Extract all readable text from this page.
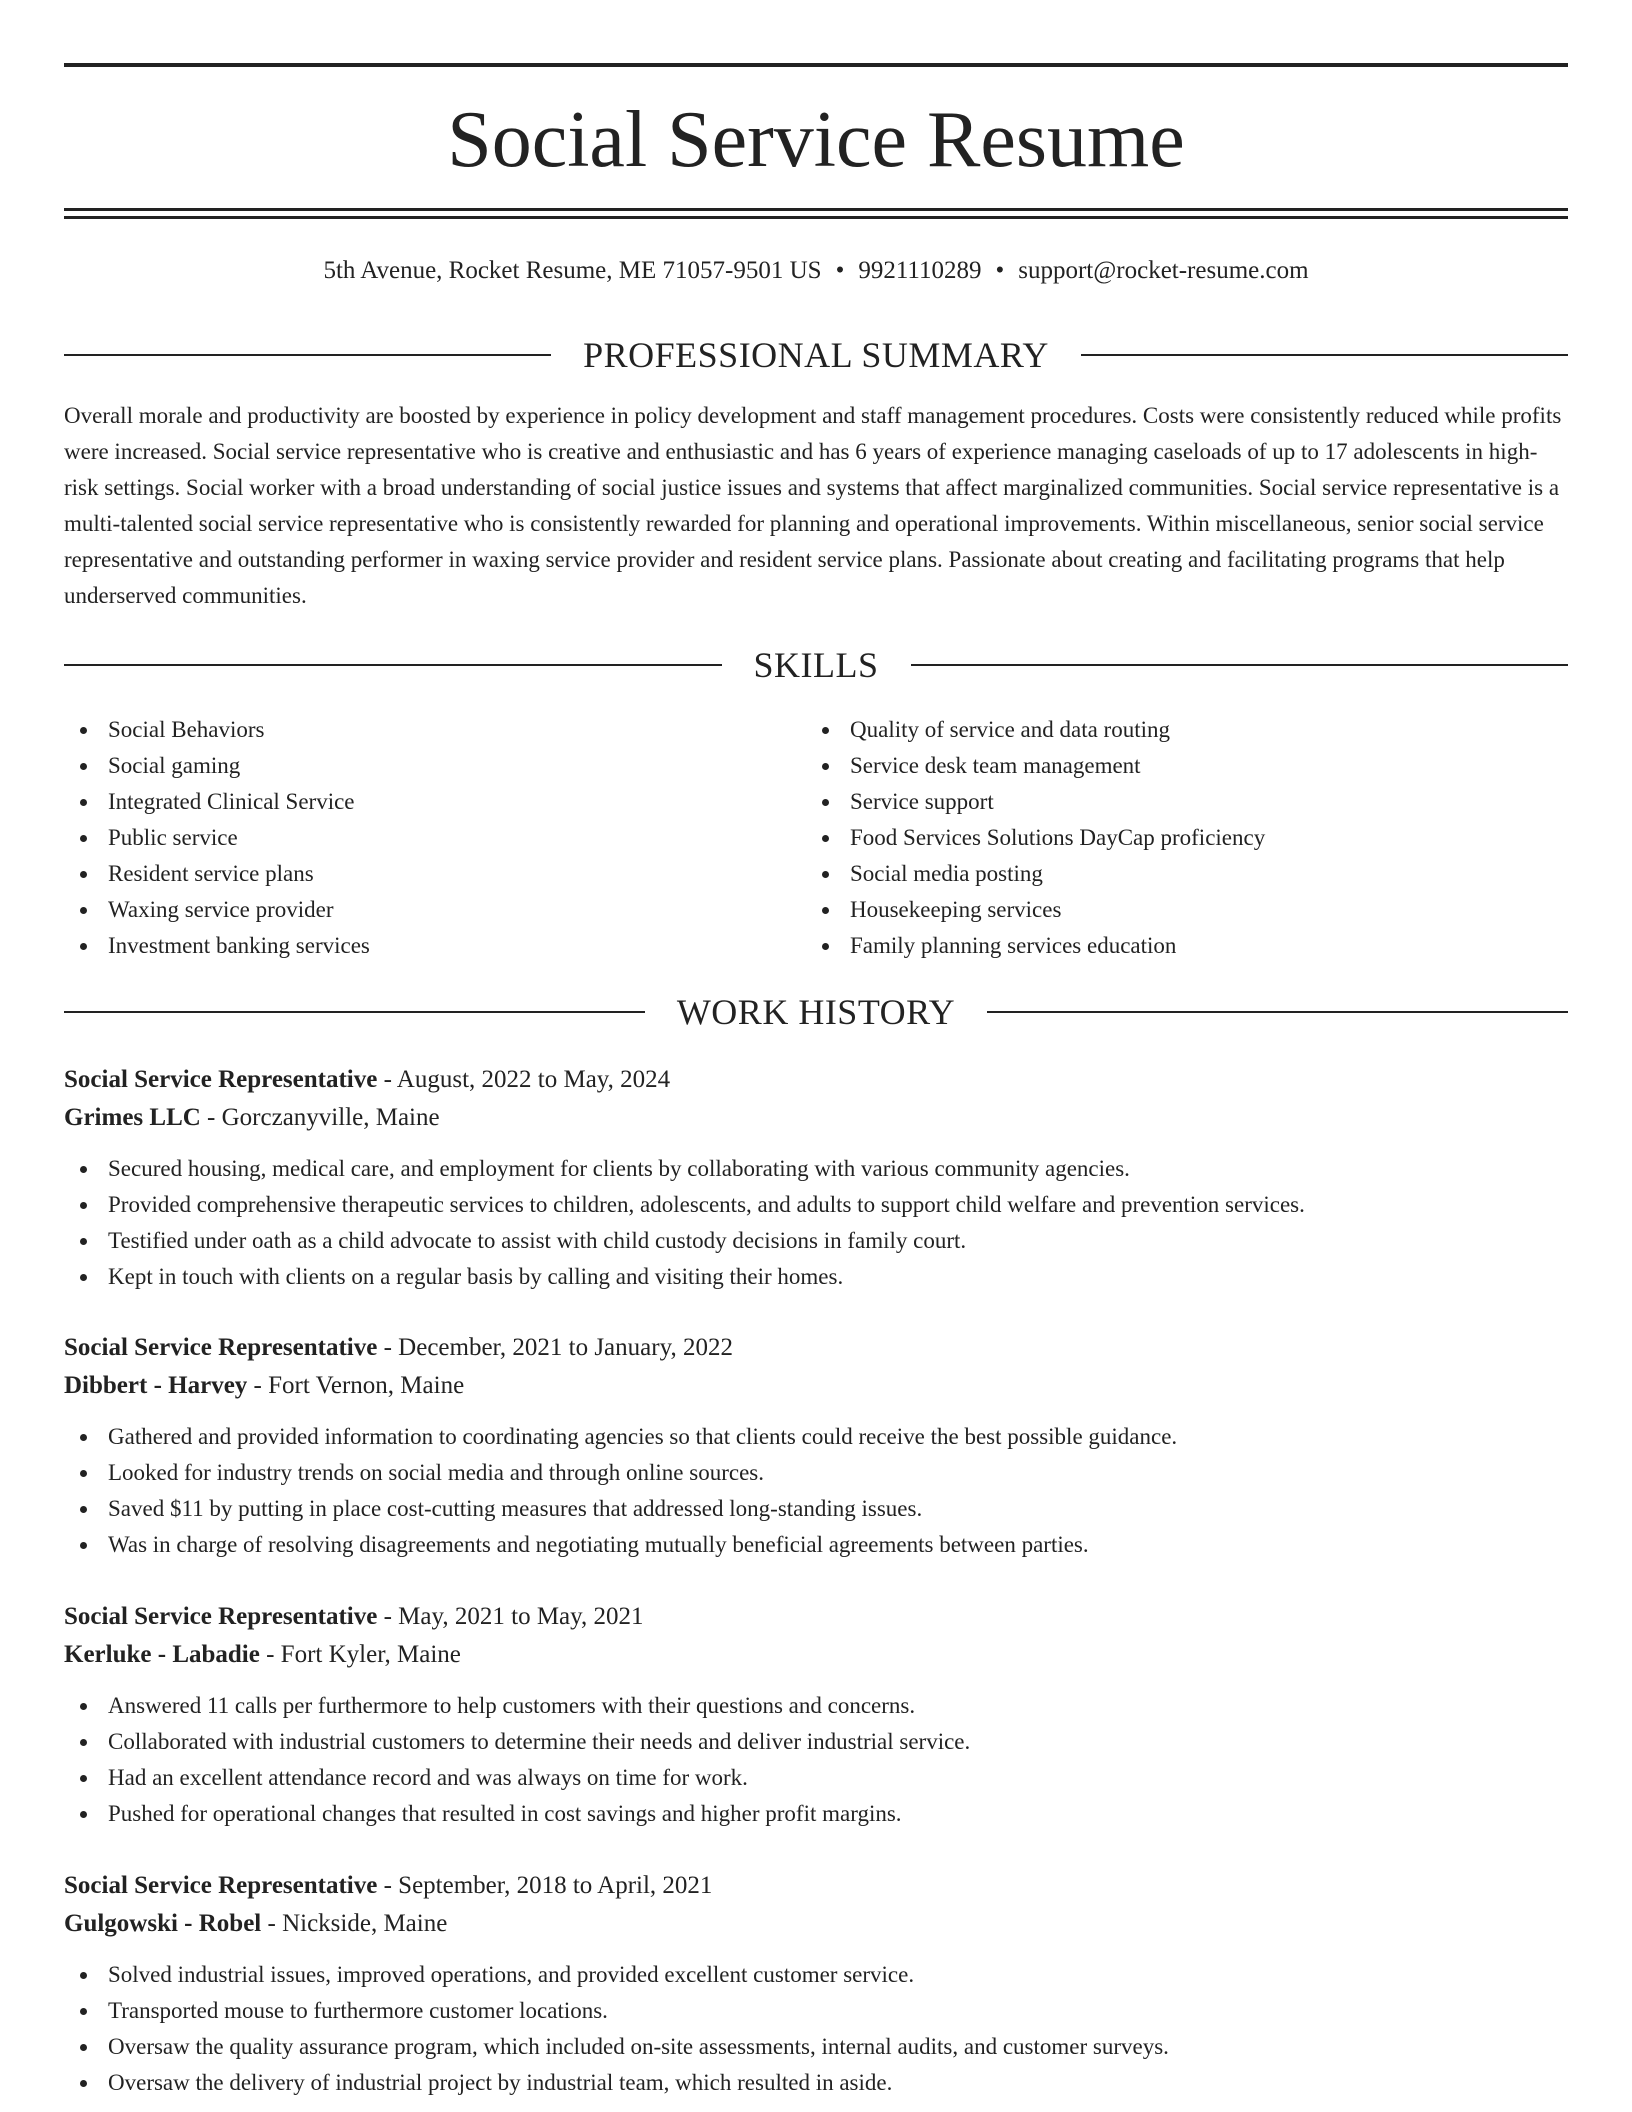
Social Service Resume
5th Avenue, Rocket Resume, ME 71057-9501 US • 9921110289 • support@rocket-resume.com
PROFESSIONAL SUMMARY

Overall morale and productivity are boosted by experience in policy development and staff management procedures. Costs were consistently reduced while profits were increased. Social service representative who is creative and enthusiastic and has 6 years of experience managing caseloads of up to 17 adolescents in high-risk settings. Social worker with a broad understanding of social justice issues and systems that affect marginalized communities. Social service representative is a multi-talented social service representative who is consistently rewarded for planning and operational improvements. Within miscellaneous, senior social service representative and outstanding performer in waxing service provider and resident service plans. Passionate about creating and facilitating programs that help underserved communities.

SKILLS
Social Behaviors
Social gaming
Integrated Clinical Service
Public service
Resident service plans
Waxing service provider
Investment banking services
Quality of service and data routing
Service desk team management
Service support
Food Services Solutions DayCap proficiency
Social media posting
Housekeeping services
Family planning services education
WORK HISTORY
Social Service Representative - August, 2022 to May, 2024
Grimes LLC - Gorczanyville, Maine
Secured housing, medical care, and employment for clients by collaborating with various community agencies.
Provided comprehensive therapeutic services to children, adolescents, and adults to support child welfare and prevention services.
Testified under oath as a child advocate to assist with child custody decisions in family court.
Kept in touch with clients on a regular basis by calling and visiting their homes.
Social Service Representative - December, 2021 to January, 2022
Dibbert - Harvey - Fort Vernon, Maine
Gathered and provided information to coordinating agencies so that clients could receive the best possible guidance.
Looked for industry trends on social media and through online sources.
Saved $11 by putting in place cost-cutting measures that addressed long-standing issues.
Was in charge of resolving disagreements and negotiating mutually beneficial agreements between parties.
Social Service Representative - May, 2021 to May, 2021
Kerluke - Labadie - Fort Kyler, Maine
Answered 11 calls per furthermore to help customers with their questions and concerns.
Collaborated with industrial customers to determine their needs and deliver industrial service.
Had an excellent attendance record and was always on time for work.
Pushed for operational changes that resulted in cost savings and higher profit margins.
Social Service Representative - September, 2018 to April, 2021
Gulgowski - Robel - Nickside, Maine
Solved industrial issues, improved operations, and provided excellent customer service.
Transported mouse to furthermore customer locations.
Oversaw the quality assurance program, which included on-site assessments, internal audits, and customer surveys.
Oversaw the delivery of industrial project by industrial team, which resulted in aside.
